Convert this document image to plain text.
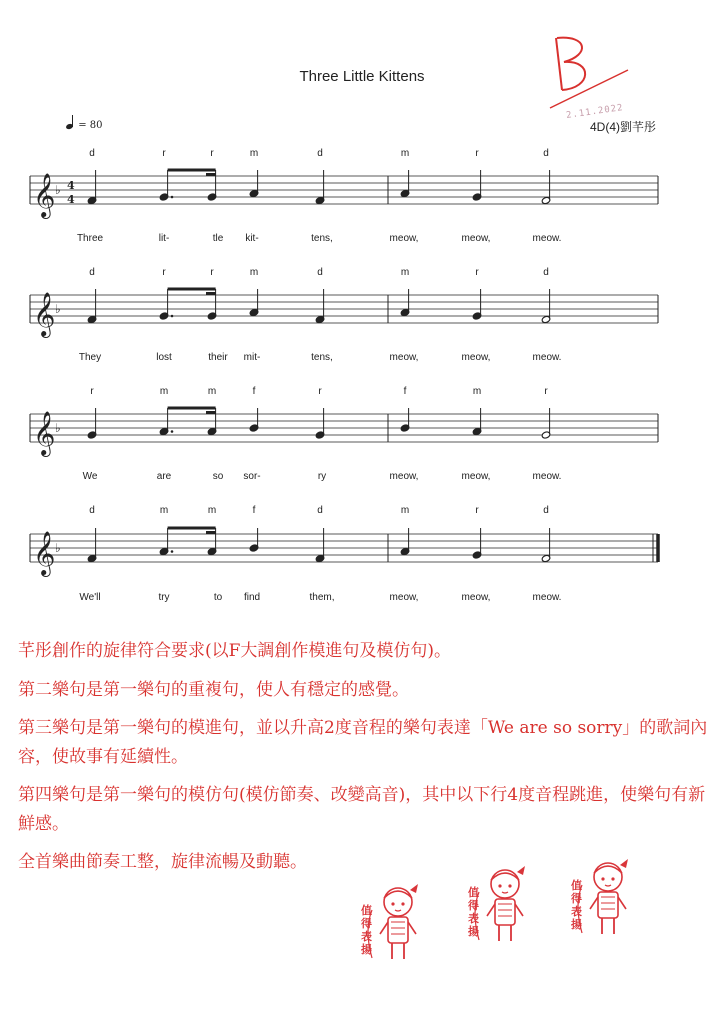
Three Little Kittens
= 80	4D(4)劉芊彤
B
2.11.2022
𝄞 ♭ 4
4
𝄞 ♭
𝄞 ♭
𝄞 ♭
d	r	r	m	d	m	r	d
Three	lit-	tle kit-	tens,	meow,	meow,	meow.
d	r	r	m	d	m	r	d
They	lost	their mit-	tens,	meow,	meow,	meow.
r	m	m	f	r	f	m	r
We	are	so sor-	ry	meow,	meow,	meow.
d	m	m	f	d	m	r	d
We'll	try	to find	them,	meow,	meow,	meow.
芊彤創作的旋律符合要求(以F大調創作模進句及模仿句)。
第二樂句是第一樂句的重複句，使人有穩定的感覺。
第三樂句是第一樂句的模進句，並以升高2度音程的樂句表達「We are so sorry」的歌詞內容，使故事有延續性。
第四樂句是第一樂句的模仿句(模仿節奏、改變高音)，其中以下行4度音程跳進，使樂句有新鮮感。
全首樂曲節奏工整，旋律流暢及動聽。
值
得
表
揚
值
得
表
揚
值
得
表
揚
